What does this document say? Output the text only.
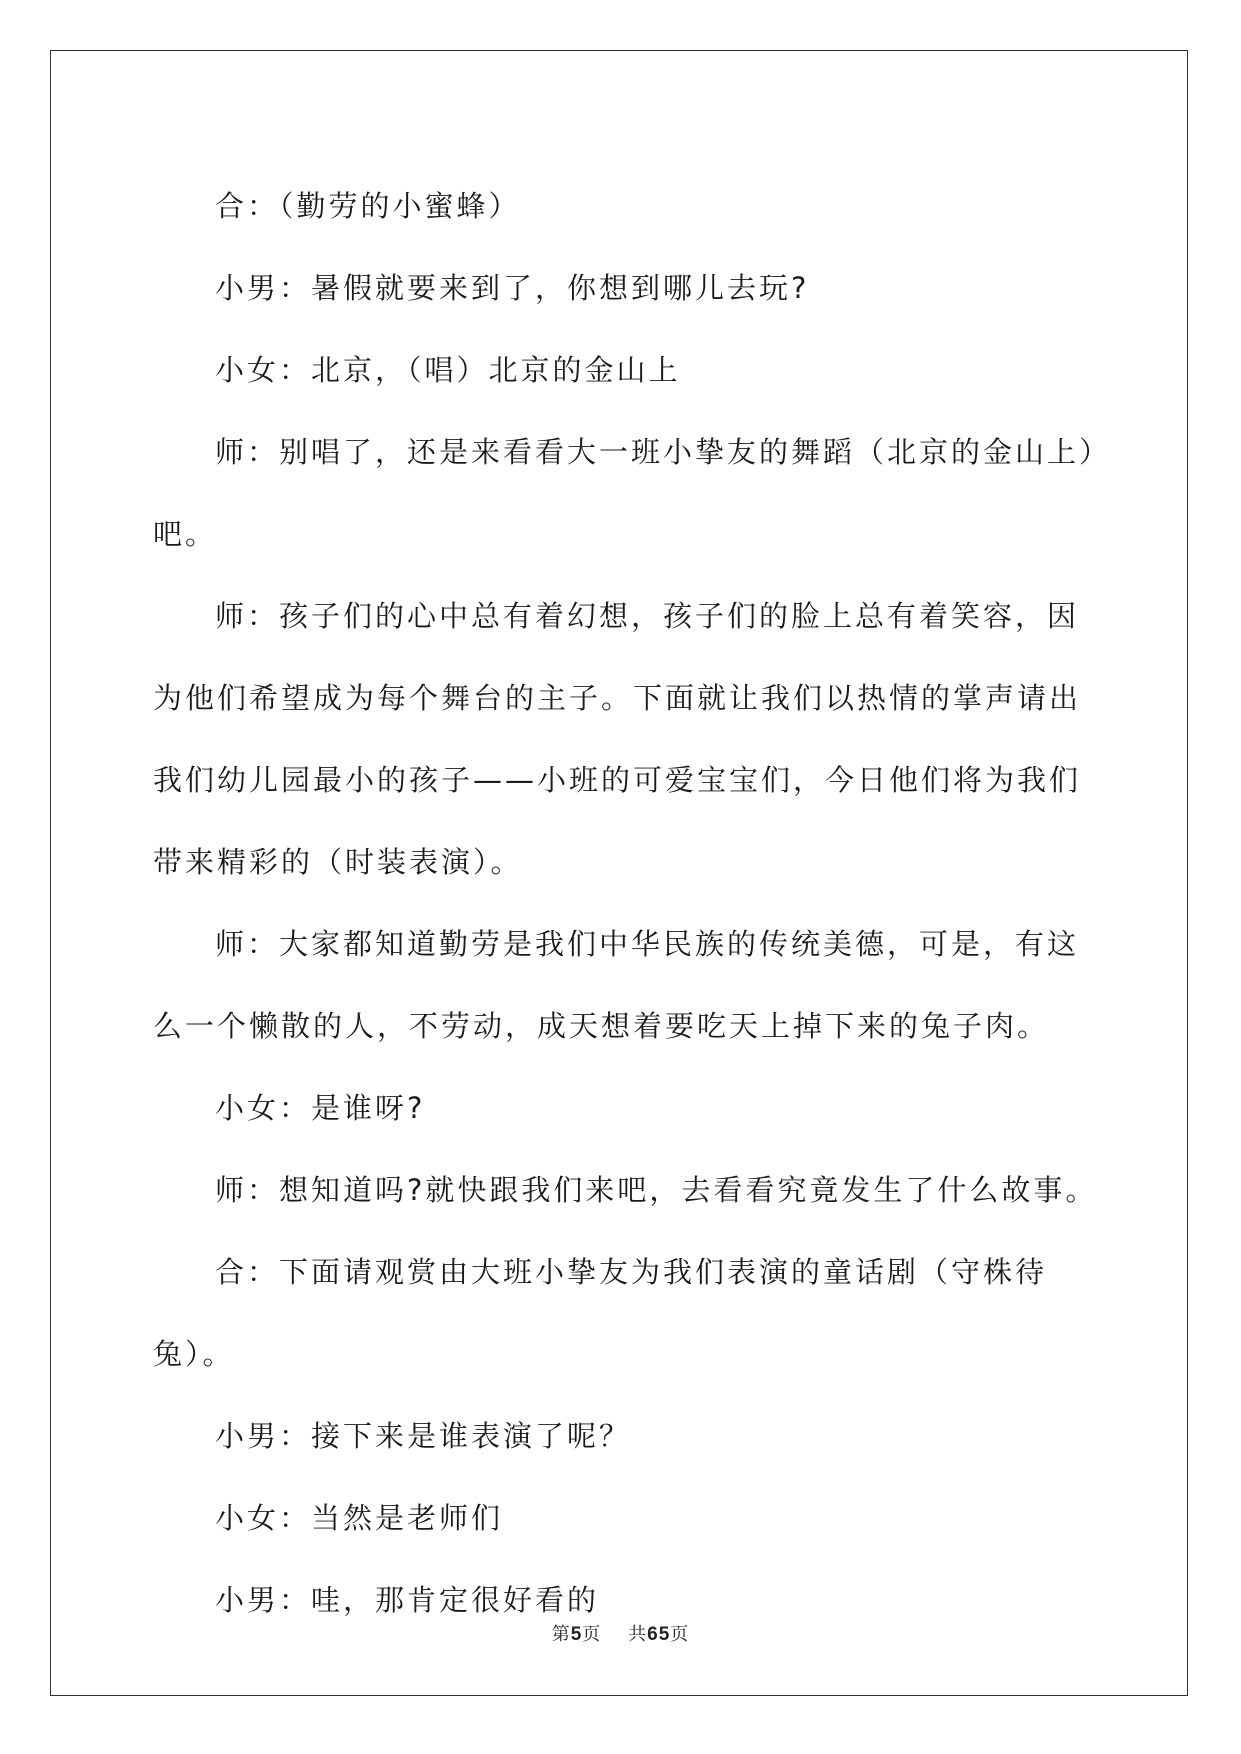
合：（勤劳的小蜜蜂）

小男：暑假就要来到了，你想到哪儿去玩?

小女：北京，（唱）北京的金山上

师：别唱了，还是来看看大一班小挚友的舞蹈（北京的金山上）吧。

师：孩子们的心中总有着幻想，孩子们的脸上总有着笑容，因为他们希望成为每个舞台的主子。下面就让我们以热情的掌声请出我们幼儿园最小的孩子——小班的可爱宝宝们，今日他们将为我们带来精彩的（时装表演）。

师：大家都知道勤劳是我们中华民族的传统美德，可是，有这么一个懒散的人，不劳动，成天想着要吃天上掉下来的兔子肉。

小女：是谁呀?

师：想知道吗?就快跟我们来吧，去看看究竟发生了什么故事。

合：下面请观赏由大班小挚友为我们表演的童话剧（守株待兔）。

小男：接下来是谁表演了呢？

小女：当然是老师们

小男：哇，那肯定很好看的

第5页 共65页
